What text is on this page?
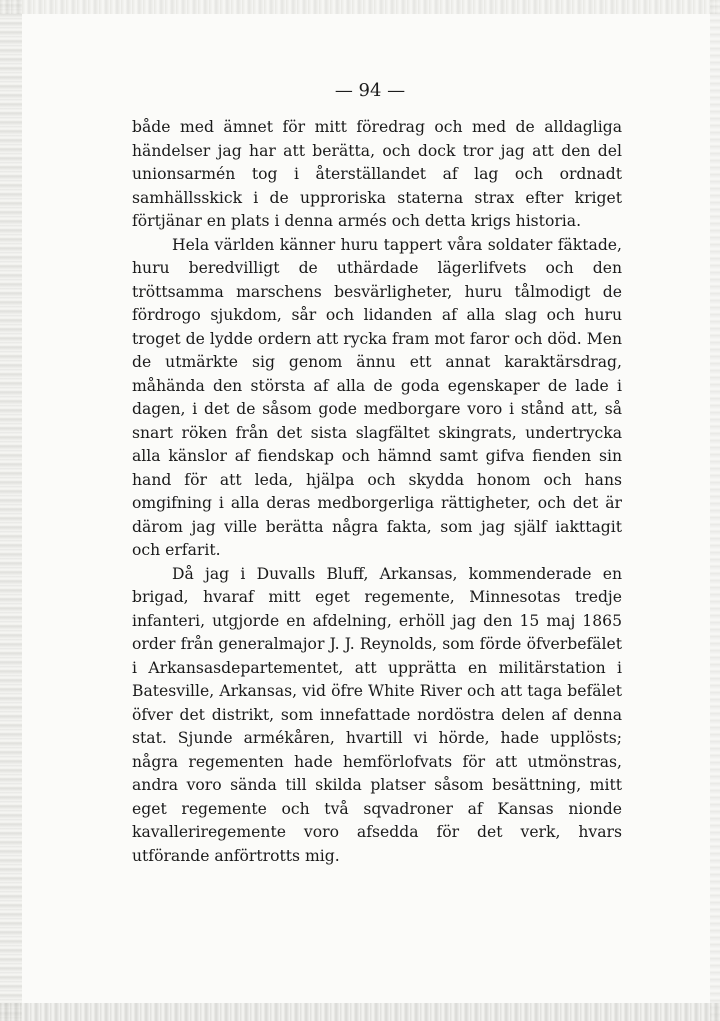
— 94 —

både med ämnet för mitt föredrag och med de alldagliga händelser jag har att berätta, och dock tror jag att den del unionsarmén tog i återställandet af lag och ordnadt samhällsskick i de upproriska staterna strax efter kriget förtjänar en plats i denna armés och detta krigs historia.

Hela världen känner huru tappert våra soldater fäktade, huru beredvilligt de uthärdade lägerlifvets och den tröttsamma marschens besvärligheter, huru tålmodigt de fördrogo sjukdom, sår och lidanden af alla slag och huru troget de lydde ordern att rycka fram mot faror och död. Men de utmärkte sig genom ännu ett annat karaktärsdrag, måhända den största af alla de goda egenskaper de lade i dagen, i det de såsom gode medborgare voro i stånd att, så snart röken från det sista slagfältet skingrats, undertrycka alla känslor af fiendskap och hämnd samt gifva fienden sin hand för att leda, hjälpa och skydda honom och hans omgifning i alla deras medborgerliga rättigheter, och det är därom jag ville berätta några fakta, som jag själf iakttagit och erfarit.

Då jag i Duvalls Bluff, Arkansas, kommenderade en brigad, hvaraf mitt eget regemente, Minnesotas tredje infanteri, utgjorde en afdelning, erhöll jag den 15 maj 1865 order från generalmajor J. J. Reynolds, som förde öfverbefälet i Arkansasdepartementet, att upprätta en militärstation i Batesville, Arkansas, vid öfre White River och att taga befälet öfver det distrikt, som innefattade nordöstra delen af denna stat. Sjunde armékåren, hvartill vi hörde, hade upplösts; några regementen hade hemförlofvats för att utmönstras, andra voro sända till skilda platser såsom besättning, mitt eget regemente och två sqvadroner af Kansas nionde kavalleriregemente voro afsedda för det verk, hvars utförande anförtrotts mig.
